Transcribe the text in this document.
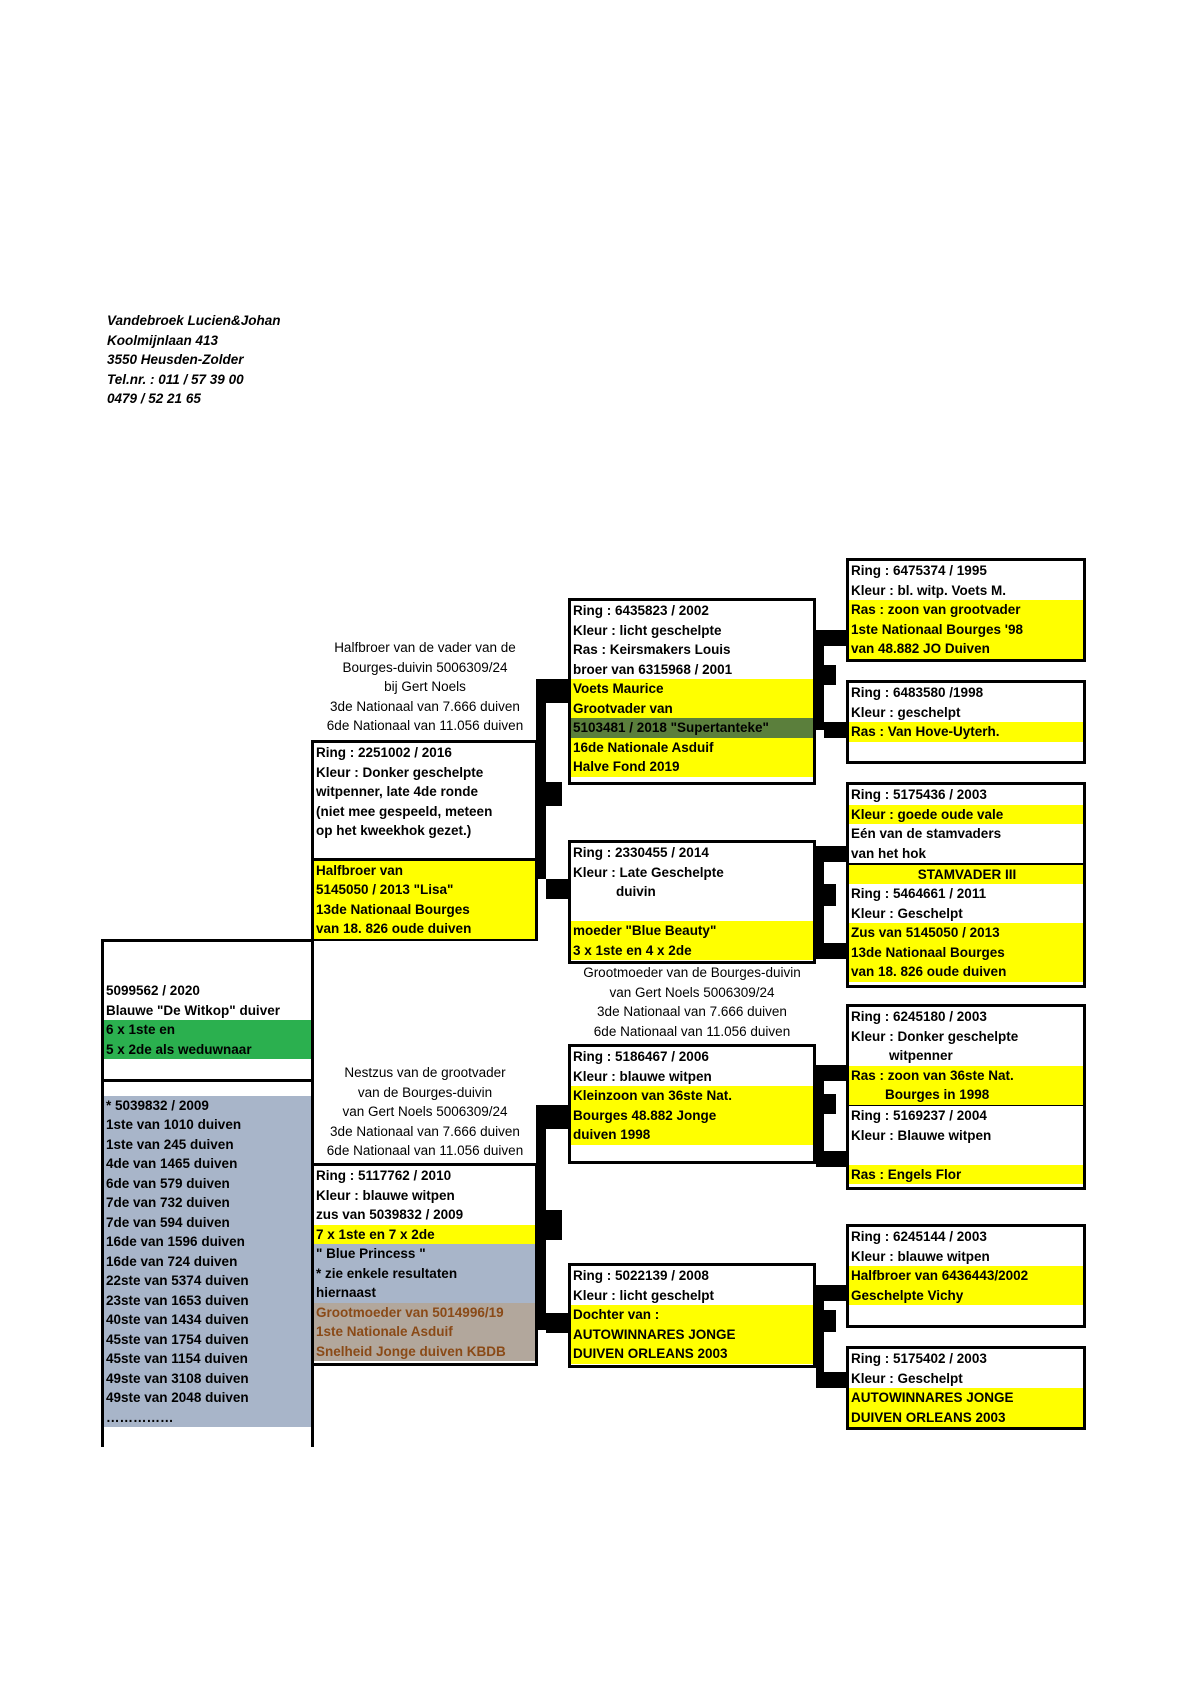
Vandebroek Lucien&Johan
Koolmijnlaan 413
3550 Heusden-Zolder
Tel.nr. : 011 / 57 39 00
0479 / 52 21 65
5099562 / 2020
Blauwe "De Witkop" duiver
6 x 1ste en
5 x 2de als weduwnaar
* 5039832 / 2009
1ste van 1010 duiven
1ste van 245 duiven
4de van 1465 duiven
6de van 579 duiven
7de van 732 duiven
7de van 594 duiven
16de van 1596 duiven
16de van 724 duiven
22ste van 5374 duiven
23ste van 1653 duiven
40ste van 1434 duiven
45ste van 1754 duiven
45ste van 1154 duiven
49ste van 3108 duiven
49ste van 2048 duiven
……………
Halfbroer van de vader van de
Bourges-duivin 5006309/24
bij Gert Noels
3de Nationaal van 7.666 duiven
6de Nationaal van 11.056 duiven
Ring : 2251002 / 2016
Kleur : Donker geschelpte
witpenner, late 4de ronde
(niet mee gespeeld, meteen
op het kweekhok gezet.)
Halfbroer van
5145050 / 2013 "Lisa"
13de Nationaal Bourges
van 18. 826 oude duiven
Nestzus van de grootvader
van de Bourges-duivin
van Gert Noels 5006309/24
3de Nationaal van 7.666 duiven
6de Nationaal van 11.056 duiven
Ring : 5117762 / 2010
Kleur : blauwe witpen
zus van 5039832 / 2009
7 x 1ste en 7 x 2de
" Blue Princess "
* zie enkele resultaten
hiernaast
Grootmoeder van 5014996/19
1ste Nationale Asduif
Snelheid Jonge duiven KBDB
Ring : 6435823 / 2002
Kleur : licht geschelpte
Ras : Keirsmakers Louis
broer van 6315968 / 2001
Voets Maurice
Grootvader van
5103481 / 2018 "Supertanteke"
16de Nationale Asduif
Halve Fond 2019
Ring : 2330455 / 2014
Kleur : Late Geschelpte
duivin
moeder "Blue Beauty"
3 x 1ste en 4 x 2de
Grootmoeder van de Bourges-duivin
van Gert Noels 5006309/24
3de Nationaal van 7.666 duiven
6de Nationaal van 11.056 duiven
Ring : 5186467 / 2006
Kleur : blauwe witpen
Kleinzoon van 36ste Nat.
Bourges 48.882 Jonge
duiven 1998
Ring : 5022139 / 2008
Kleur : licht geschelpt
Dochter van :
AUTOWINNARES JONGE
DUIVEN ORLEANS 2003
Ring : 6475374 / 1995
Kleur : bl. witp. Voets M.
Ras : zoon van grootvader
1ste Nationaal Bourges '98
van 48.882 JO Duiven
Ring : 6483580 /1998
Kleur : geschelpt
Ras : Van Hove-Uyterh.
Ring : 5175436 / 2003
Kleur : goede oude vale
Eén van de stamvaders
van het hok
STAMVADER III
Ring : 5464661 / 2011
Kleur : Geschelpt
Zus van 5145050 / 2013
13de Nationaal Bourges
van 18. 826 oude duiven
Ring : 6245180 / 2003
Kleur : Donker geschelpte
witpenner
Ras : zoon van 36ste Nat.
Bourges in 1998
Ring : 5169237 / 2004
Kleur : Blauwe witpen
Ras : Engels Flor
Ring : 6245144 / 2003
Kleur : blauwe witpen
Halfbroer van 6436443/2002
Geschelpte Vichy
Ring : 5175402 / 2003
Kleur : Geschelpt
AUTOWINNARES JONGE
DUIVEN ORLEANS 2003
